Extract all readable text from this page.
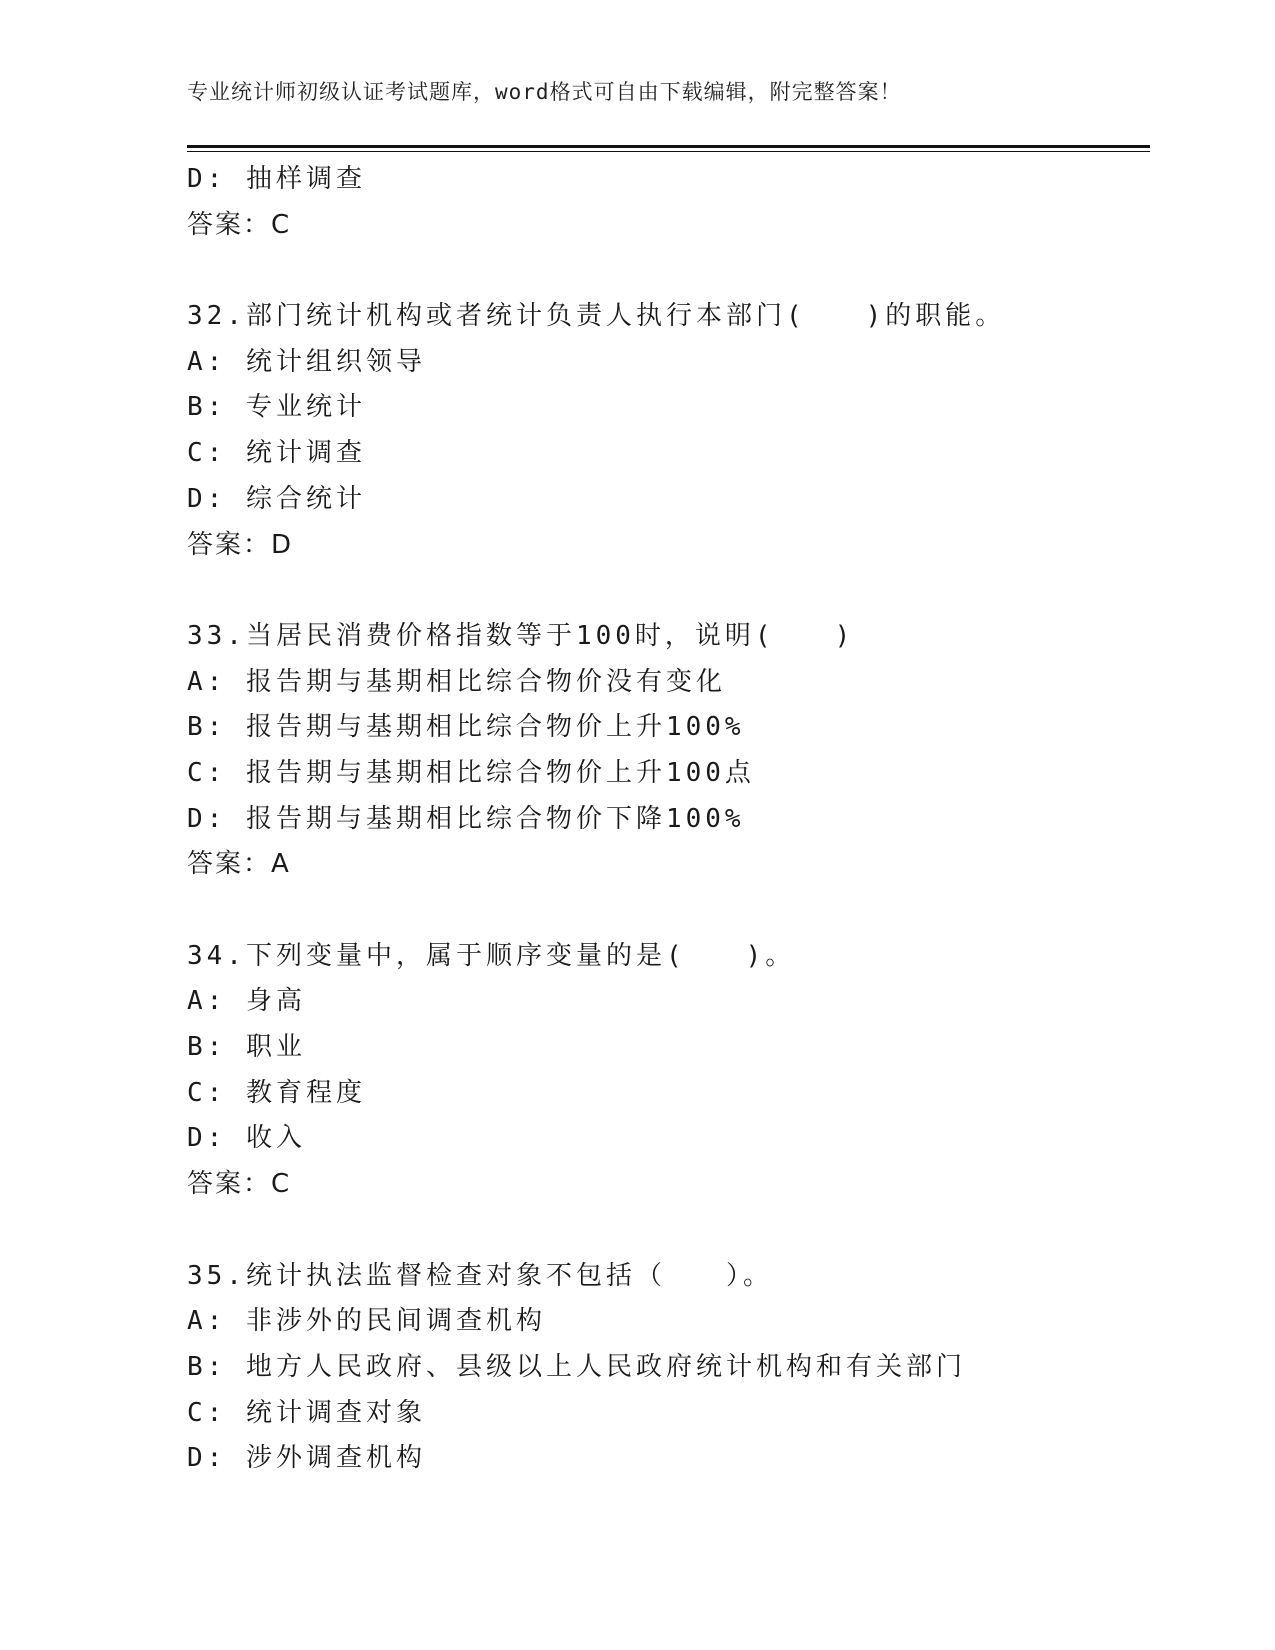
专业统计师初级认证考试题库，word格式可自由下载编辑，附完整答案！
D: 抽样调查
答案：C
32.部门统计机构或者统计负责人执行本部门(　　)的职能。
A: 统计组织领导
B: 专业统计
C: 统计调查
D: 综合统计
答案：D
33.当居民消费价格指数等于100时，说明(　　)
A: 报告期与基期相比综合物价没有变化
B: 报告期与基期相比综合物价上升100%
C: 报告期与基期相比综合物价上升100点
D: 报告期与基期相比综合物价下降100%
答案：A
34.下列变量中，属于顺序变量的是(　　)。
A: 身高
B: 职业
C: 教育程度
D: 收入
答案：C
35.统计执法监督检查对象不包括（　　）。
A: 非涉外的民间调查机构
B: 地方人民政府、县级以上人民政府统计机构和有关部门
C: 统计调查对象
D: 涉外调查机构
